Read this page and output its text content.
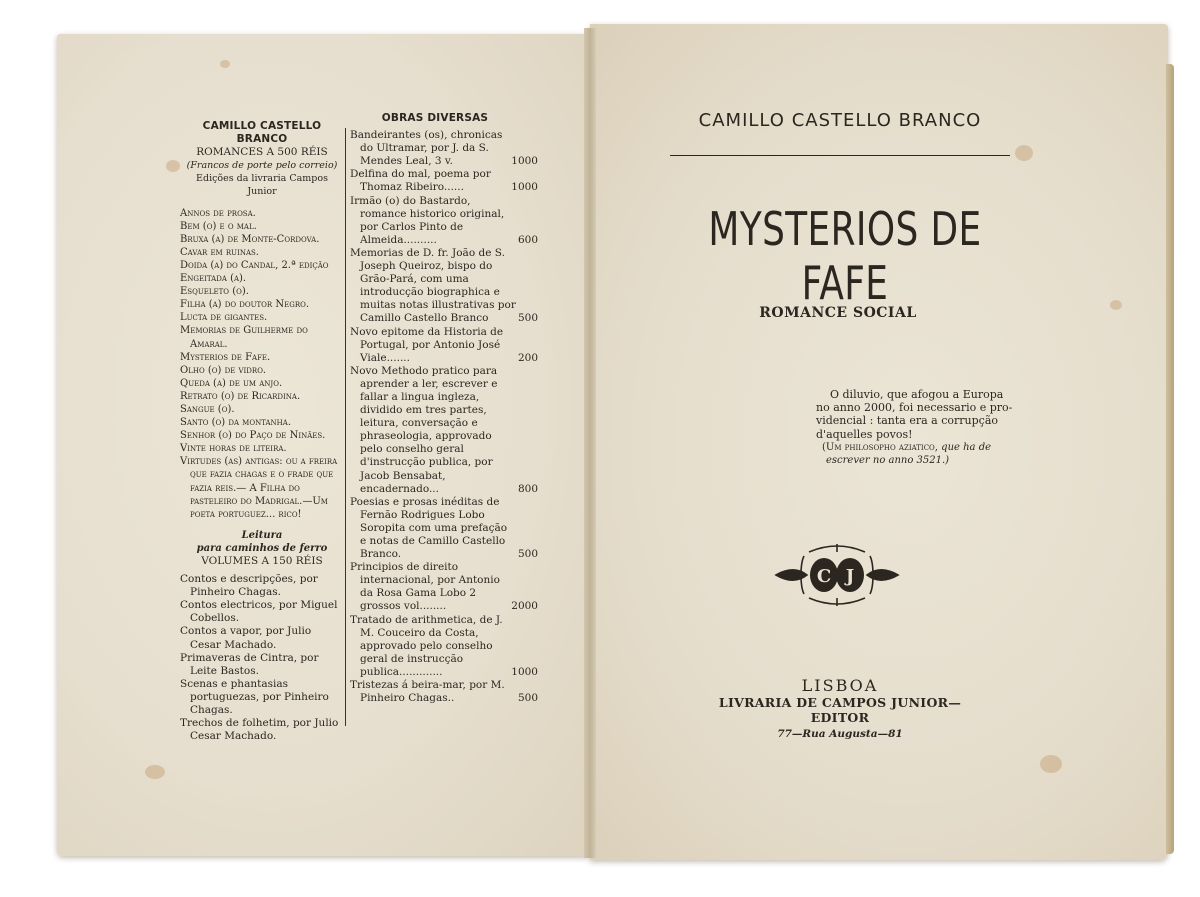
CAMILLO CASTELLO BRANCO
ROMANCES A 500 RÉIS
(Francos de porte pelo correio)
Edições da livraria Campos Junior
Annos de prosa.
Bem (o) e o mal.
Bruxa (a) de Monte-Cordova.
Cavar em ruinas.
Doida (a) do Candal, 2.ª edição
Engeitada (a).
Esqueleto (o).
Filha (a) do doutor Negro.
Lucta de gigantes.
Memorias de Guilherme do Amaral.
Mysterios de Fafe.
Olho (o) de vidro.
Queda (a) de um anjo.
Retrato (o) de Ricardina.
Sangue (o).
Santo (o) da montanha.
Senhor (o) do Paço de Ninães.
Vinte horas de liteira.
Virtudes (as) antigas: ou a freira que fazia chagas e o frade que fazia reis.— A Filha do pasteleiro do Madrigal.—Um poeta portuguez... rico!
Leitura
para caminhos de ferro
VOLUMES A 150 RÉIS
Contos e descripções, por Pinheiro Chagas.
Contos electricos, por Miguel Cobellos.
Contos a vapor, por Julio Cesar Machado.
Primaveras de Cintra, por Leite Bastos.
Scenas e phantasias portuguezas, por Pinheiro Chagas.
Trechos de folhetim, por Julio Cesar Machado.
OBRAS DIVERSAS
Bandeirantes (os), chronicas do Ultramar, por J. da S. Mendes Leal, 3 v.	1000
Delfina do mal, poema por Thomaz Ribeiro......	1000
Irmão (o) do Bastardo, romance historico original, por Carlos Pinto de Almeida..........	600
Memorias de D. fr. João de S. Joseph Queiroz, bispo do Grão-Pará, com uma introducção biographica e muitas notas illustrativas por Camillo Castello Branco	500
Novo epitome da Historia de Portugal, por Antonio José Viale.......	200
Novo Methodo pratico para aprender a ler, escrever e fallar a lingua ingleza, dividido em tres partes, leitura, conversação e phraseologia, approvado pelo conselho geral d'instrucção publica, por Jacob Bensabat, encadernado...	800
Poesias e prosas inéditas de Fernão Rodrigues Lobo Soropita com uma prefação e notas de Camillo Castello Branco.	500
Principios de direito internacional, por Antonio da Rosa Gama Lobo 2 grossos vol........	2000
Tratado de arithmetica, de J. M. Couceiro da Costa, approvado pelo conselho geral de instrucção publica.............	1000
Tristezas á beira-mar, por M. Pinheiro Chagas..	500
CAMILLO CASTELLO BRANCO
MYSTERIOS DE FAFE
ROMANCE SOCIAL
O diluvio, que afogou a Europa
no anno 2000, foi necessario e pro-
videncial : tanta era a corrupção
d'aquelles povos!
(Um philosopho aziatico, que ha de escrever no anno 3521.)
C J
LISBOA
LIVRARIA DE CAMPOS JUNIOR—EDITOR
77—Rua Augusta—81
